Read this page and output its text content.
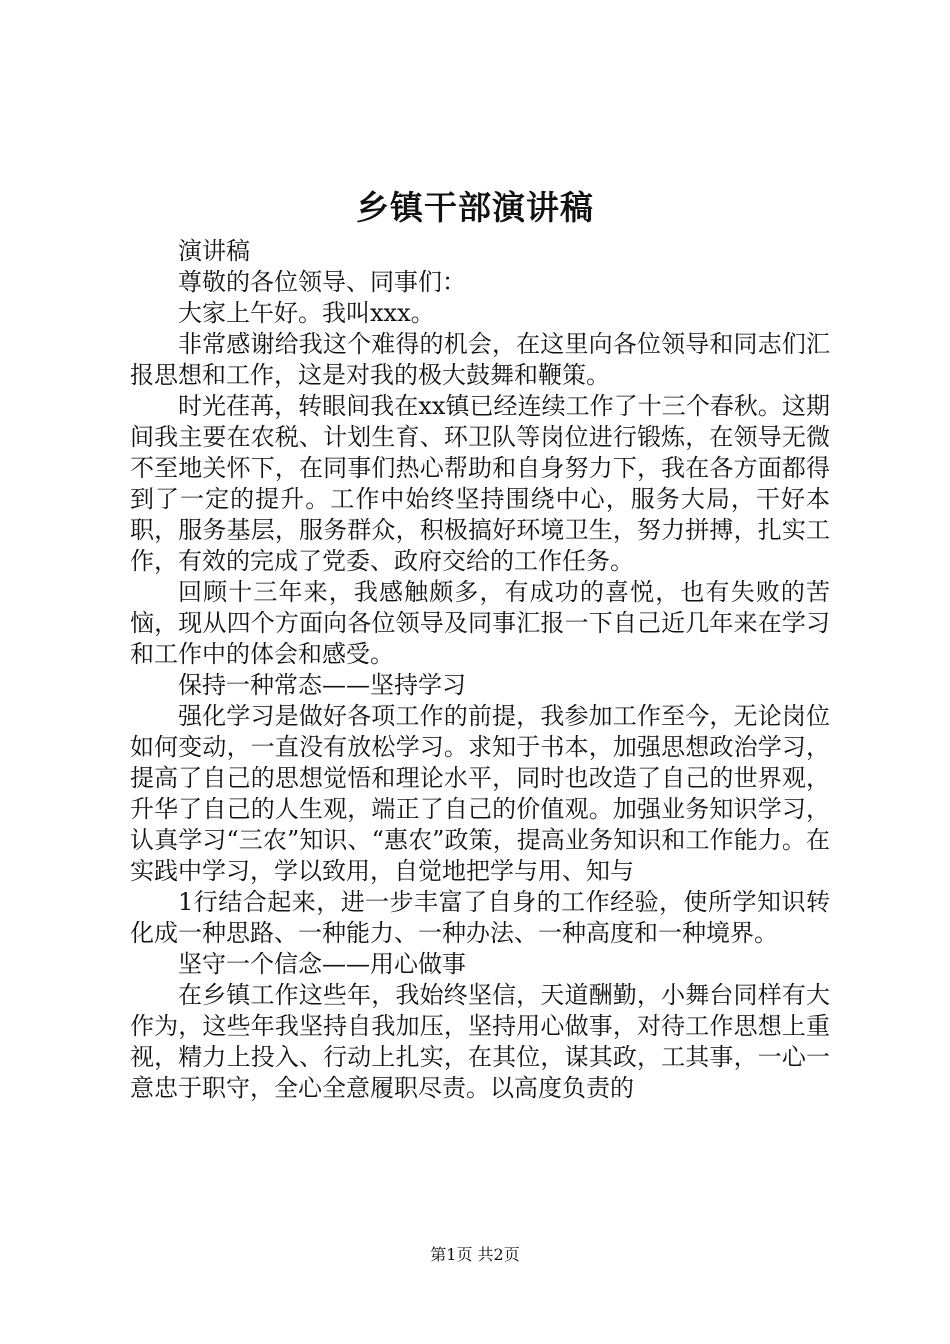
乡镇干部演讲稿

演讲稿

尊敬的各位领导、同事们：

大家上午好。我叫xxx。

非常感谢给我这个难得的机会，在这里向各位领导和同志们汇报思想和工作，这是对我的极大鼓舞和鞭策。

时光荏苒，转眼间我在xx镇已经连续工作了十三个春秋。这期间我主要在农税、计划生育、环卫队等岗位进行锻炼，在领导无微不至地关怀下，在同事们热心帮助和自身努力下，我在各方面都得到了一定的提升。工作中始终坚持围绕中心，服务大局，干好本职，服务基层，服务群众，积极搞好环境卫生，努力拼搏，扎实工作，有效的完成了党委、政府交给的工作任务。

回顾十三年来，我感触颇多，有成功的喜悦，也有失败的苦恼，现从四个方面向各位领导及同事汇报一下自己近几年来在学习和工作中的体会和感受。

保持一种常态——坚持学习

强化学习是做好各项工作的前提，我参加工作至今，无论岗位如何变动，一直没有放松学习。求知于书本，加强思想政治学习，提高了自己的思想觉悟和理论水平，同时也改造了自己的世界观，升华了自己的人生观，端正了自己的价值观。加强业务知识学习，认真学习“三农”知识、“惠农”政策，提高业务知识和工作能力。在实践中学习，学以致用，自觉地把学与用、知与

1行结合起来，进一步丰富了自身的工作经验，使所学知识转化成一种思路、一种能力、一种办法、一种高度和一种境界。

坚守一个信念——用心做事

在乡镇工作这些年，我始终坚信，天道酬勤，小舞台同样有大作为，这些年我坚持自我加压，坚持用心做事，对待工作思想上重视，精力上投入、行动上扎实，在其位，谋其政，工其事，一心一意忠于职守，全心全意履职尽责。以高度负责的

第1页 共2页
